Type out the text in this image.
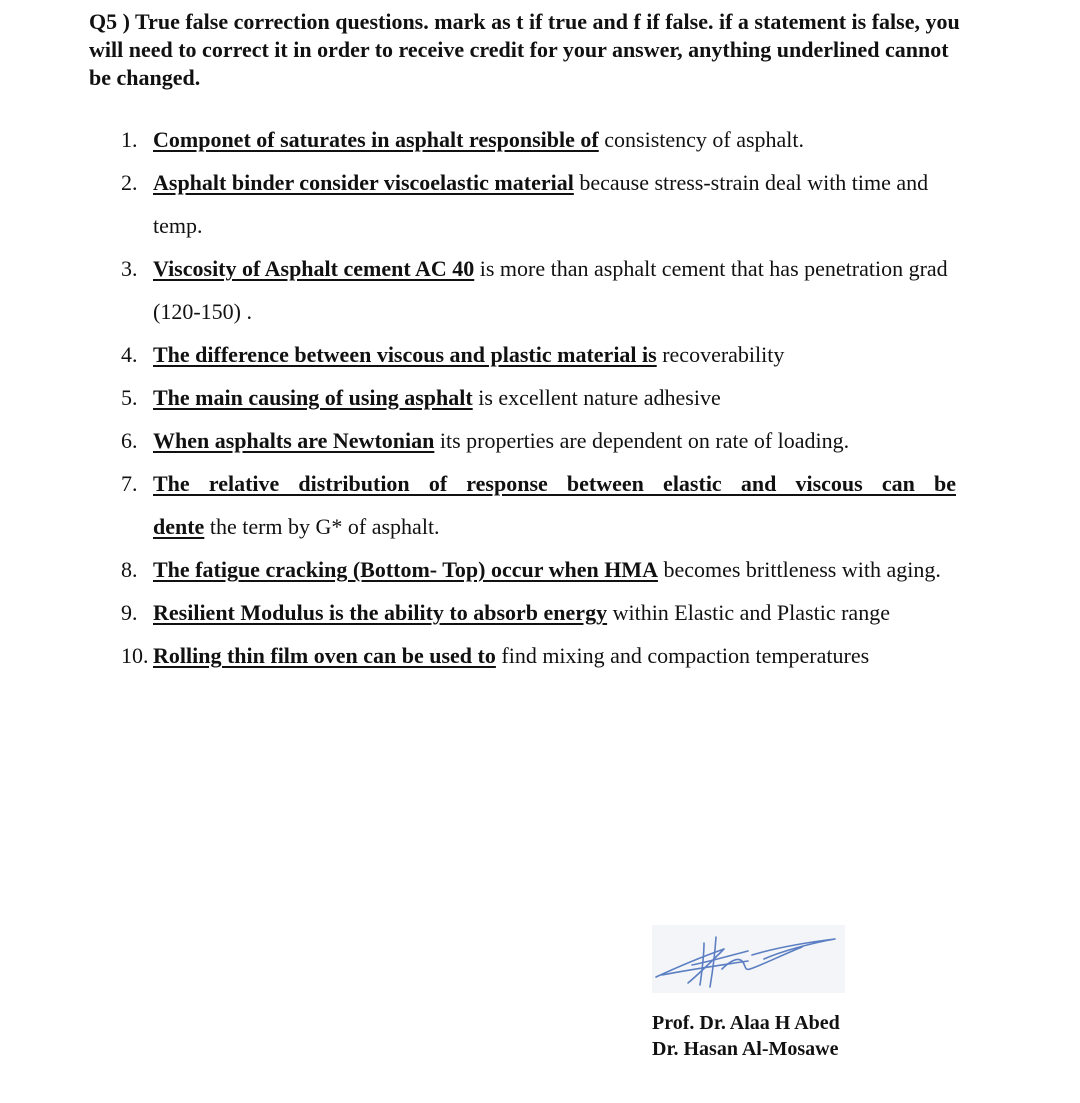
Q5 ) True false correction questions. mark as t if true and f if false. if a statement is false, you will need to correct it in order to receive credit for your answer, anything underlined cannot be changed.

1. Componet of saturates in asphalt responsible of consistency of asphalt.
2. Asphalt binder consider viscoelastic material because stress-strain deal with time and temp.
3. Viscosity of Asphalt cement AC 40 is more than asphalt cement that has penetration grad (120-150) .
4. The difference between viscous and plastic material is recoverability
5. The main causing of using asphalt is excellent nature adhesive
6. When asphalts are Newtonian its properties are dependent on rate of loading.
7. The relative distribution of response between elastic and viscous can be
dente the term by G* of asphalt.
8. The fatigue cracking (Bottom- Top) occur when HMA becomes brittleness with aging.
9. Resilient Modulus is the ability to absorb energy within Elastic and Plastic range
10. Rolling thin film oven can be used to find mixing and compaction temperatures
Prof. Dr. Alaa H Abed
Dr. Hasan Al-Mosawe
